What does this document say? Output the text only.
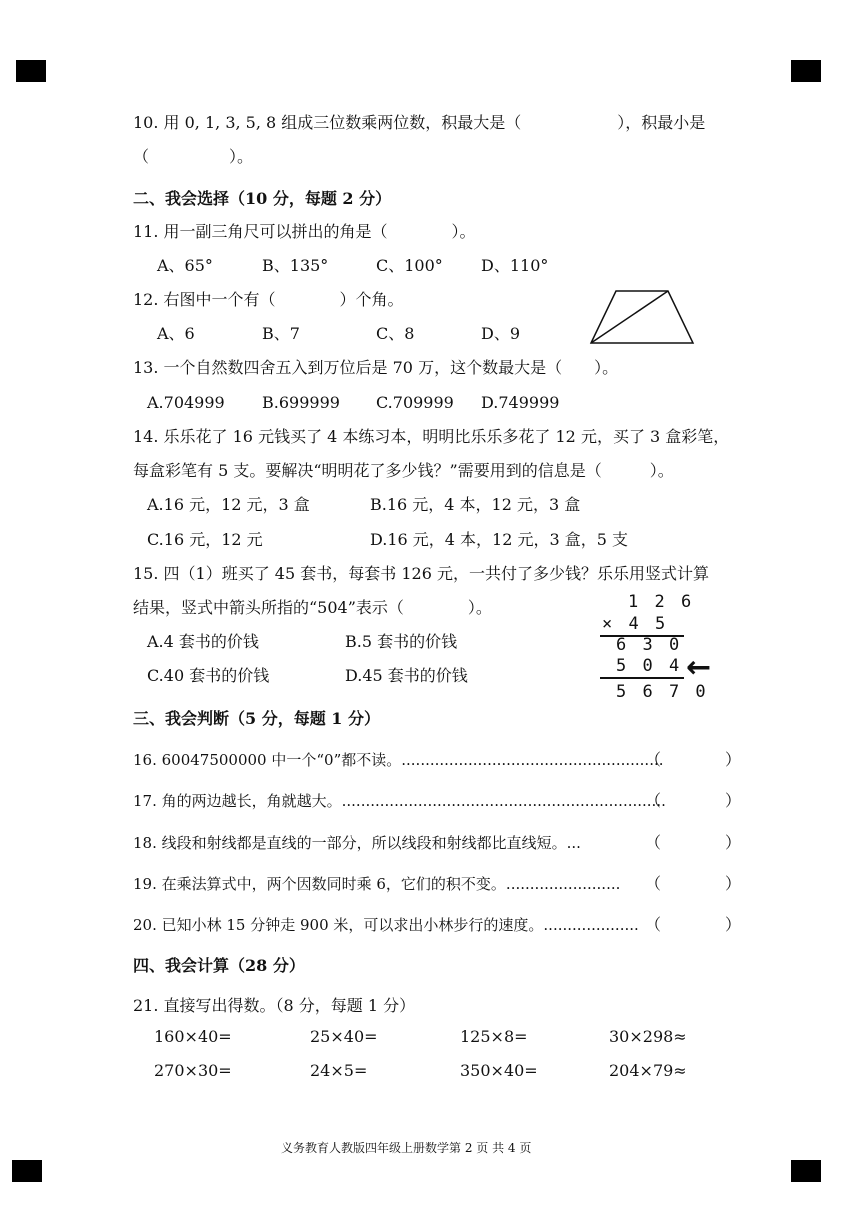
10. 用 0, 1, 3, 5, 8 组成三位数乘两位数，积最大是（　　　　　　），积最小是
（　　　　　）。
二、我会选择（10 分，每题 2 分）
11. 用一副三角尺可以拼出的角是（　　　　）。
A、65°	B、135°	C、100° D、110°
12. 右图中一个有（　　　　）个角。
A、6	B、7	C、8	D、9
13. 一个自然数四舍五入到万位后是 70 万，这个数最大是（　　）。
A.704999 B.699999 C.709999 D.749999
14. 乐乐花了 16 元钱买了 4 本练习本，明明比乐乐多花了 12 元，买了 3 盒彩笔，
每盒彩笔有 5 支。要解决“明明花了多少钱？”需要用到的信息是（　　　）。
A.16 元，12 元，3 盒	B.16 元，4 本，12 元，3 盒
C.16 元，12 元	D.16 元，4 本，12 元，3 盒，5 支
15. 四（1）班买了 45 套书，每套书 126 元，一共付了多少钱？乐乐用竖式计算
结果，竖式中箭头所指的“504”表示（　　　　）。
A.4 套书的价钱	B.5 套书的价钱
C.40 套书的价钱	D.45 套书的价钱
1 2 6
× 4 5
6 3 0
5 0 4
5 6 7 0
←
三、我会判断（5 分，每题 1 分）
16. 60047500000 中一个“0”都不读。.......................................................
（　　　　）
17. 角的两边越长，角就越大。....................................................................
（　　　　）
18. 线段和射线都是直线的一部分，所以线段和射线都比直线短。...	（　　　　）
19. 在乘法算式中，两个因数同时乘 6，它们的积不变。........................ （　　　　）
20. 已知小林 15 分钟走 900 米，可以求出小林步行的速度。.................... （　　　　）
四、我会计算（28 分）
21. 直接写出得数。（8 分，每题 1 分）
160×40=	25×40=	125×8=	30×298≈
270×30=	24×5=	350×40=	204×79≈
义务教育人教版四年级上册数学第 2 页 共 4 页
